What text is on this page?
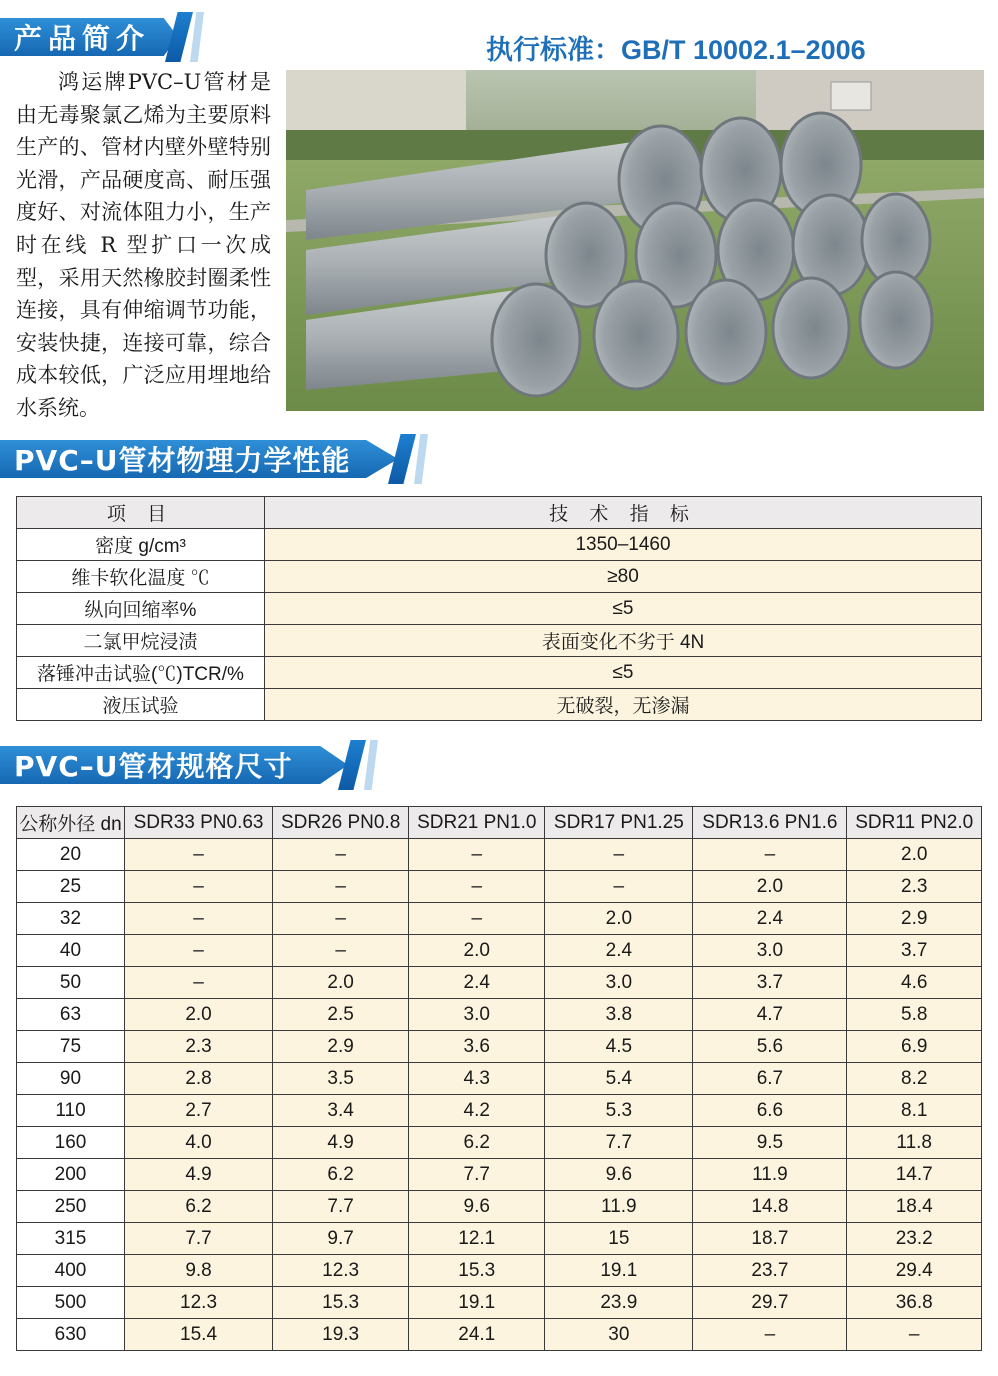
产品简介	执行标准：GB/T 10002.1–2006

鸿运牌PVC–U管材是由无毒聚氯乙烯为主要原料生产的、管材内壁外壁特别光滑，产品硬度高、耐压强度好、对流体阻力小，生产时在线 R 型扩口一次成型，采用天然橡胶封圈柔性连接，具有伸缩调节功能，安装快捷，连接可靠，综合成本较低，广泛应用埋地给水系统。

PVC–U管材物理力学性能
项 目	技 术 指 标
密度 g/cm³	1350–1460
维卡软化温度 ℃	≥80
纵向回缩率%	≤5
二氯甲烷浸渍	表面变化不劣于 4N
落锤冲击试验(℃)TCR/%	≤5
液压试验	无破裂，无渗漏
PVC–U管材规格尺寸
公称外径 dn	SDR33 PN0.63	SDR26 PN0.8	SDR21 PN1.0	SDR17 PN1.25	SDR13.6 PN1.6	SDR11 PN2.0
20	–	–	–	–	–	2.0
25	–	–	–	–	2.0	2.3
32	–	–	–	2.0	2.4	2.9
40	–	–	2.0	2.4	3.0	3.7
50	–	2.0	2.4	3.0	3.7	4.6
63	2.0	2.5	3.0	3.8	4.7	5.8
75	2.3	2.9	3.6	4.5	5.6	6.9
90	2.8	3.5	4.3	5.4	6.7	8.2
110	2.7	3.4	4.2	5.3	6.6	8.1
160	4.0	4.9	6.2	7.7	9.5	11.8
200	4.9	6.2	7.7	9.6	11.9	14.7
250	6.2	7.7	9.6	11.9	14.8	18.4
315	7.7	9.7	12.1	15	18.7	23.2
400	9.8	12.3	15.3	19.1	23.7	29.4
500	12.3	15.3	19.1	23.9	29.7	36.8
630	15.4	19.3	24.1	30	–	–
